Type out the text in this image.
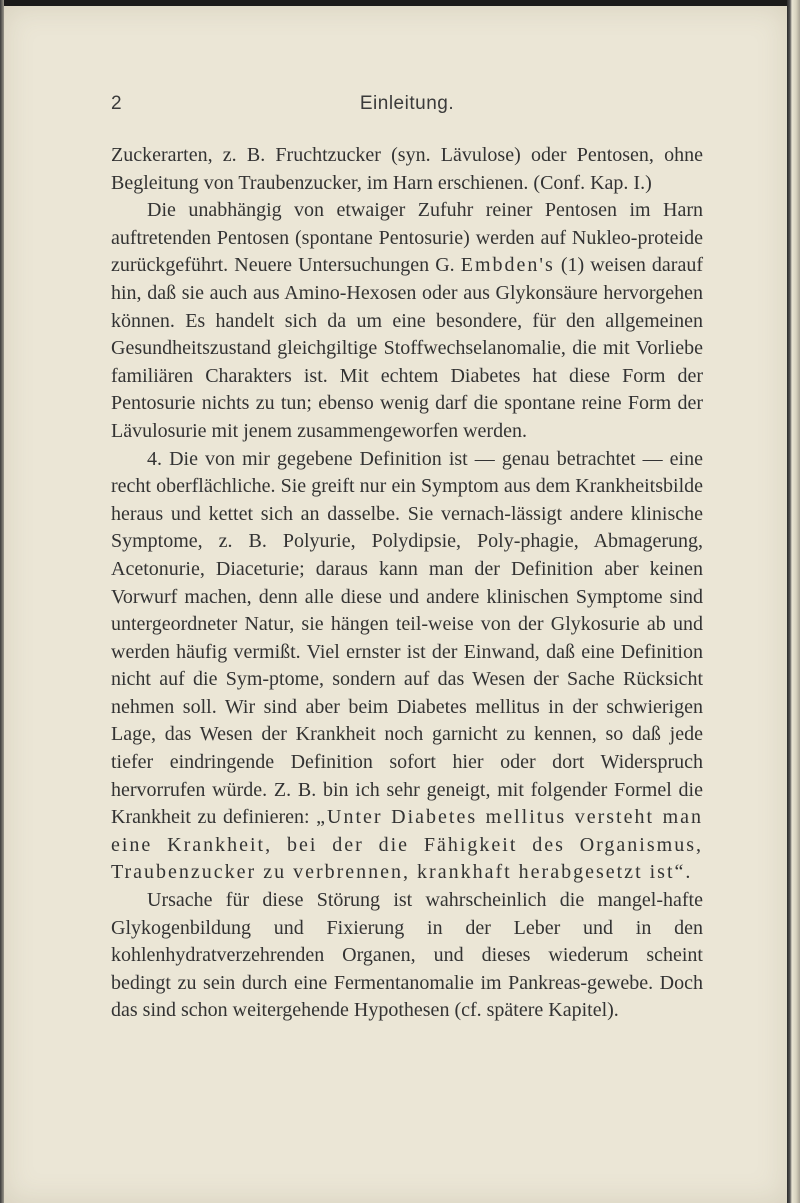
2	Einleitung.

Zuckerarten, z. B. Fruchtzucker (syn. Lävulose) oder Pentosen, ohne Begleitung von Traubenzucker, im Harn erschienen. (Conf. Kap. I.)

Die unabhängig von etwaiger Zufuhr reiner Pentosen im Harn auftretenden Pentosen (spontane Pentosurie) werden auf Nukleo-proteide zurückgeführt. Neuere Untersuchungen G. Embden's (1) weisen darauf hin, daß sie auch aus Amino-Hexosen oder aus Glykonsäure hervorgehen können. Es handelt sich da um eine besondere, für den allgemeinen Gesundheitszustand gleichgiltige Stoffwechselanomalie, die mit Vorliebe familiären Charakters ist. Mit echtem Diabetes hat diese Form der Pentosurie nichts zu tun; ebenso wenig darf die spontane reine Form der Lävulosurie mit jenem zusammengeworfen werden.

4. Die von mir gegebene Definition ist — genau betrachtet — eine recht oberflächliche. Sie greift nur ein Symptom aus dem Krankheitsbilde heraus und kettet sich an dasselbe. Sie vernach-lässigt andere klinische Symptome, z. B. Polyurie, Polydipsie, Poly-phagie, Abmagerung, Acetonurie, Diaceturie; daraus kann man der Definition aber keinen Vorwurf machen, denn alle diese und andere klinischen Symptome sind untergeordneter Natur, sie hängen teil-weise von der Glykosurie ab und werden häufig vermißt. Viel ernster ist der Einwand, daß eine Definition nicht auf die Sym-ptome, sondern auf das Wesen der Sache Rücksicht nehmen soll. Wir sind aber beim Diabetes mellitus in der schwierigen Lage, das Wesen der Krankheit noch garnicht zu kennen, so daß jede tiefer eindringende Definition sofort hier oder dort Widerspruch hervorrufen würde. Z. B. bin ich sehr geneigt, mit folgender Formel die Krankheit zu definieren: „Unter Diabetes mellitus versteht man eine Krankheit, bei der die Fähigkeit des Organismus, Traubenzucker zu verbrennen, krankhaft herabgesetzt ist“.

Ursache für diese Störung ist wahrscheinlich die mangel-hafte Glykogenbildung und Fixierung in der Leber und in den kohlenhydratverzehrenden Organen, und dieses wiederum scheint bedingt zu sein durch eine Fermentanomalie im Pankreas-gewebe. Doch das sind schon weitergehende Hypothesen (cf. spätere Kapitel).
